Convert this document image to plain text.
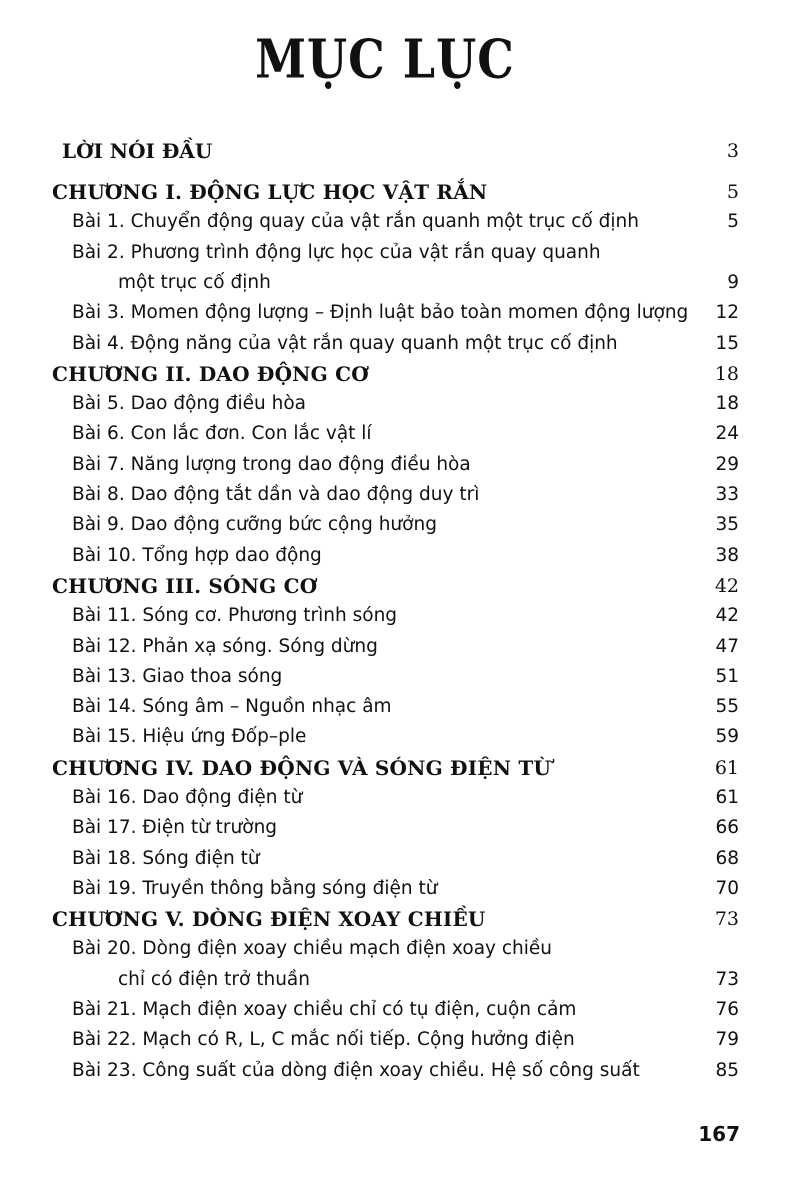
MỤC LỤC
LỜI NÓI ĐẦU	3
CHƯƠNG I. ĐỘNG LỰC HỌC VẬT RẮN	5
Bài 1. Chuyển động quay của vật rắn quanh một trục cố định	5
Bài 2. Phương trình động lực học của vật rắn quay quanh
một trục cố định	9
Bài 3. Momen động lượng – Định luật bảo toàn momen động lượng 12
Bài 4. Động năng của vật rắn quay quanh một trục cố định	15
CHƯƠNG II. DAO ĐỘNG CƠ	18
Bài 5. Dao động điều hòa	18
Bài 6. Con lắc đơn. Con lắc vật lí	24
Bài 7. Năng lượng trong dao động điều hòa	29
Bài 8. Dao động tắt dần và dao động duy trì	33
Bài 9. Dao động cưỡng bức cộng hưởng	35
Bài 10. Tổng hợp dao động	38
CHƯƠNG III. SÓNG CƠ	42
Bài 11. Sóng cơ. Phương trình sóng	42
Bài 12. Phản xạ sóng. Sóng dừng	47
Bài 13. Giao thoa sóng	51
Bài 14. Sóng âm – Nguồn nhạc âm	55
Bài 15. Hiệu ứng Đốp–ple	59
CHƯƠNG IV. DAO ĐỘNG VÀ SÓNG ĐIỆN TỪ	61
Bài 16. Dao động điện từ	61
Bài 17. Điện từ trường	66
Bài 18. Sóng điện từ	68
Bài 19. Truyền thông bằng sóng điện từ	70
CHƯƠNG V. DÒNG ĐIỆN XOAY CHIỀU	73
Bài 20. Dòng điện xoay chiều mạch điện xoay chiều
chỉ có điện trở thuần	73
Bài 21. Mạch điện xoay chiều chỉ có tụ điện, cuộn cảm	76
Bài 22. Mạch có R, L, C mắc nối tiếp. Cộng hưởng điện	79
Bài 23. Công suất của dòng điện xoay chiều. Hệ số công suất	85
167
